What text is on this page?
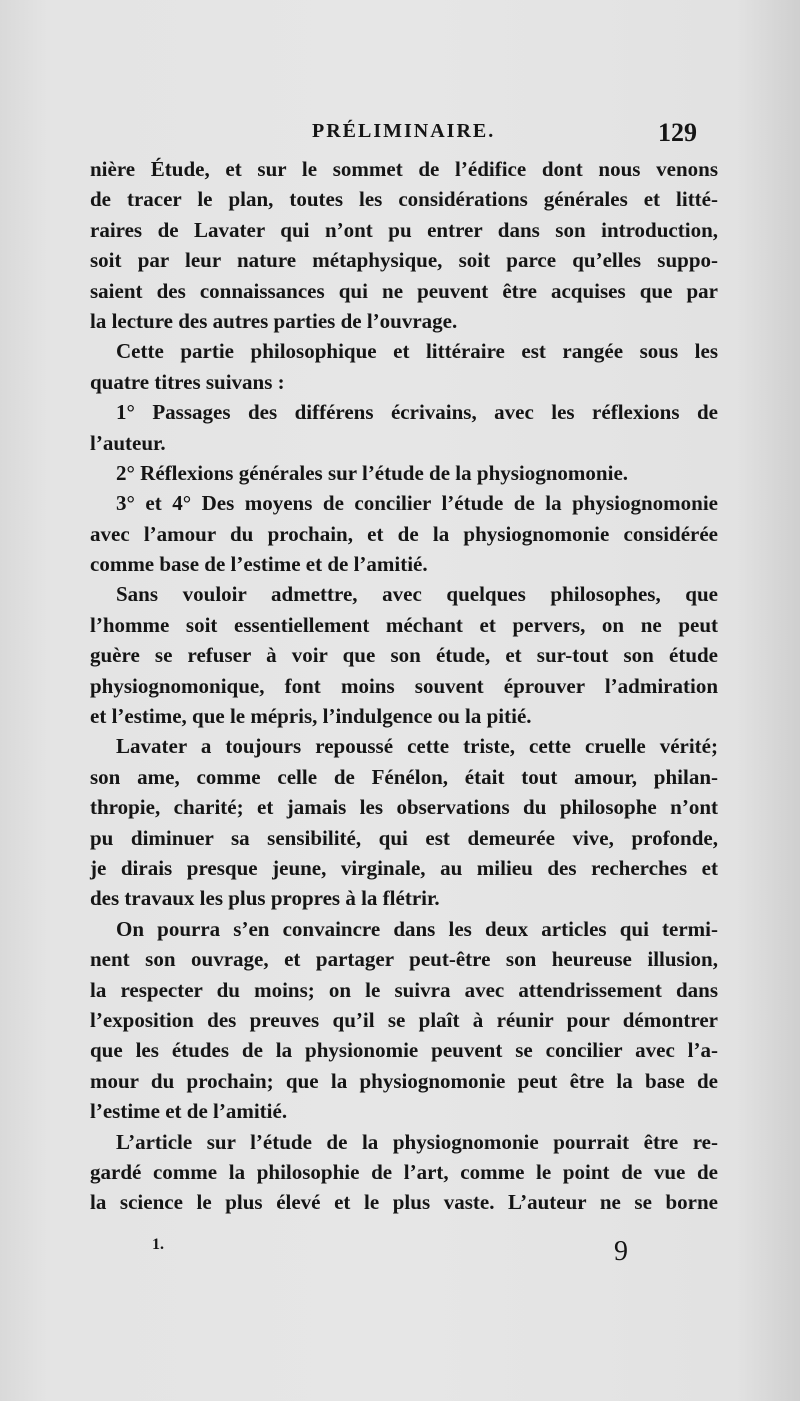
PRÉLIMINAIRE.	129
nière Étude, et sur le sommet de l’édifice dont nous venons
de tracer le plan, toutes les considérations générales et litté-
raires de Lavater qui n’ont pu entrer dans son introduction,
soit par leur nature métaphysique, soit parce qu’elles suppo-
saient des connaissances qui ne peuvent être acquises que par
la lecture des autres parties de l’ouvrage.
Cette partie philosophique et littéraire est rangée sous les
quatre titres suivans :
1° Passages des différens écrivains, avec les réflexions de
l’auteur.
2° Réflexions générales sur l’étude de la physiognomonie.
3° et 4° Des moyens de concilier l’étude de la physiognomonie
avec l’amour du prochain, et de la physiognomonie considérée
comme base de l’estime et de l’amitié.
Sans vouloir admettre, avec quelques philosophes, que
l’homme soit essentiellement méchant et pervers, on ne peut
guère se refuser à voir que son étude, et sur-tout son étude
physiognomonique, font moins souvent éprouver l’admiration
et l’estime, que le mépris, l’indulgence ou la pitié.
Lavater a toujours repoussé cette triste, cette cruelle vérité;
son ame, comme celle de Fénélon, était tout amour, philan-
thropie, charité; et jamais les observations du philosophe n’ont
pu diminuer sa sensibilité, qui est demeurée vive, profonde,
je dirais presque jeune, virginale, au milieu des recherches et
des travaux les plus propres à la flétrir.
On pourra s’en convaincre dans les deux articles qui termi-
nent son ouvrage, et partager peut-être son heureuse illusion,
la respecter du moins; on le suivra avec attendrissement dans
l’exposition des preuves qu’il se plaît à réunir pour démontrer
que les études de la physionomie peuvent se concilier avec l’a-
mour du prochain; que la physiognomonie peut être la base de
l’estime et de l’amitié.
L’article sur l’étude de la physiognomonie pourrait être re-
gardé comme la philosophie de l’art, comme le point de vue de
la science le plus élevé et le plus vaste. L’auteur ne se borne
1.	9
